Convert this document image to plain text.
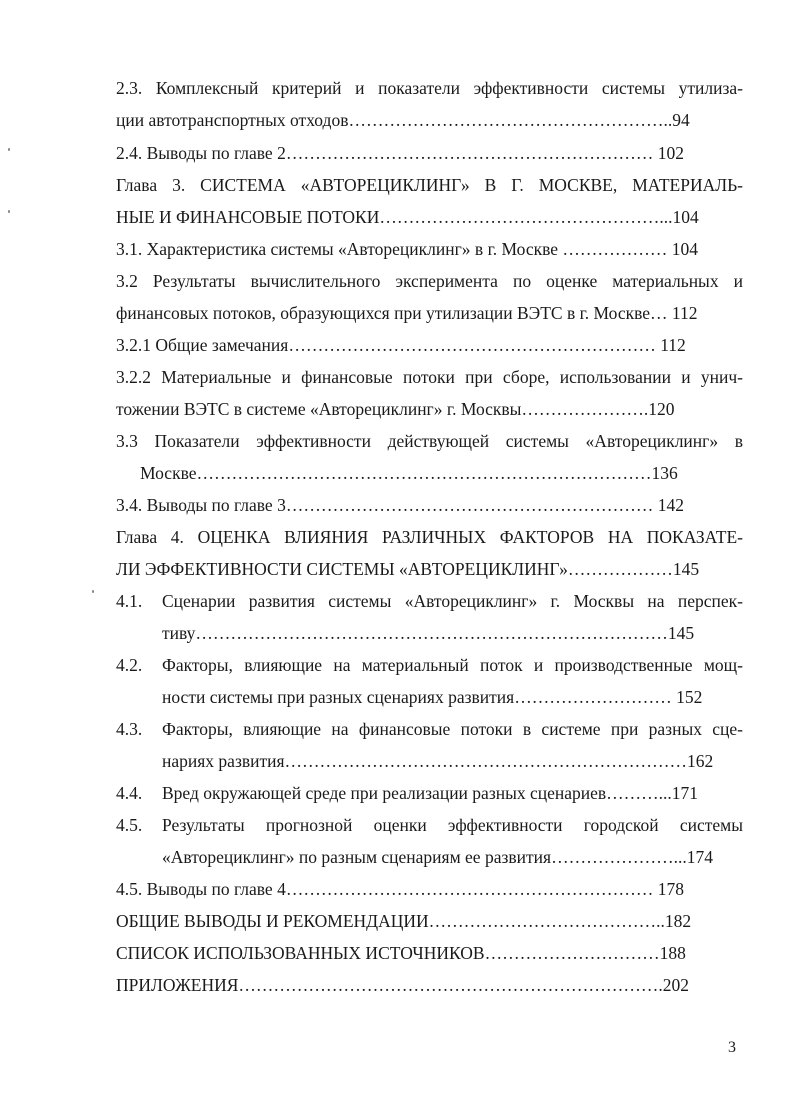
2.3. Комплексный критерий и показатели эффективности системы утилиза-
ции автотранспортных отходов………………………………………………..94
2.4. Выводы по главе 2……………………………………………………… 102
Глава 3. СИСТЕМА «АВТОРЕЦИКЛИНГ» В Г. МОСКВЕ, МАТЕРИАЛЬ-
НЫЕ И ФИНАНСОВЫЕ ПОТОКИ…………………………………………...104
3.1. Характеристика системы «Авторециклинг» в г. Москве ……………… 104
3.2 Результаты вычислительного эксперимента по оценке материальных и
финансовых потоков, образующихся при утилизации ВЭТС в г. Москве… 112
3.2.1 Общие замечания……………………………………………………… 112
3.2.2 Материальные и финансовые потоки при сборе, использовании и унич-
тожении ВЭТС в системе «Авторециклинг» г. Москвы………………….120
3.3 Показатели эффективности действующей системы «Авторециклинг» в
Москве……………………………………………………………………136
3.4. Выводы по главе 3……………………………………………………… 142
Глава 4. ОЦЕНКА ВЛИЯНИЯ РАЗЛИЧНЫХ ФАКТОРОВ НА ПОКАЗАТЕ-
ЛИ ЭФФЕКТИВНОСТИ СИСТЕМЫ «АВТОРЕЦИКЛИНГ»………………145
4.1. Сценарии развития системы «Авторециклинг» г. Москвы на перспек-
тиву………………………………………………………………………145
4.2. Факторы, влияющие на материальный поток и производственные мощ-
ности системы при разных сценариях развития……………………… 152
4.3. Факторы, влияющие на финансовые потоки в системе при разных сце-
нариях развития……………………………………………………………162
4.4. Вред окружающей среде при реализации разных сценариев………...171
4.5. Результаты прогнозной оценки эффективности городской системы
«Авторециклинг» по разным сценариям ее развития…………………...174
4.5. Выводы по главе 4……………………………………………………… 178
ОБЩИЕ ВЫВОДЫ И РЕКОМЕНДАЦИИ…………………………………..182
СПИСОК ИСПОЛЬЗОВАННЫХ ИСТОЧНИКОВ…………………………188
ПРИЛОЖЕНИЯ……………………………………………………………….202
3
